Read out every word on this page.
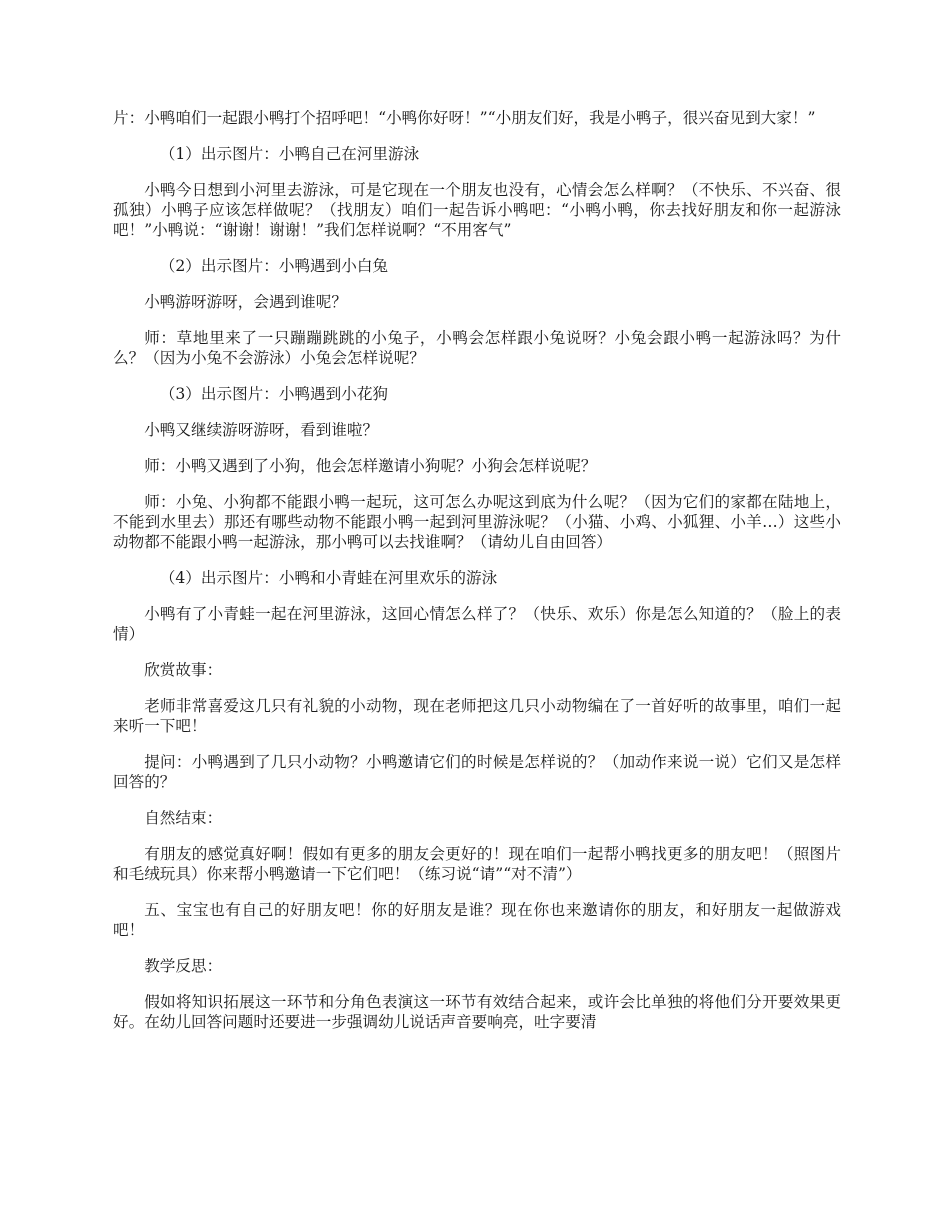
片：小鸭咱们一起跟小鸭打个招呼吧！“小鸭你好呀！”“小朋友们好，我是小鸭子，很兴奋见到大家！”

（1）出示图片：小鸭自己在河里游泳

小鸭今日想到小河里去游泳，可是它现在一个朋友也没有，心情会怎么样啊？（不快乐、不兴奋、很孤独）小鸭子应该怎样做呢？（找朋友）咱们一起告诉小鸭吧：“小鸭小鸭，你去找好朋友和你一起游泳吧！”小鸭说：“谢谢！谢谢！”我们怎样说啊？“不用客气”

（2）出示图片：小鸭遇到小白兔

小鸭游呀游呀，会遇到谁呢？

师：草地里来了一只蹦蹦跳跳的小兔子，小鸭会怎样跟小兔说呀？小兔会跟小鸭一起游泳吗？为什么？（因为小兔不会游泳）小兔会怎样说呢？

（3）出示图片：小鸭遇到小花狗

小鸭又继续游呀游呀，看到谁啦？

师：小鸭又遇到了小狗，他会怎样邀请小狗呢？小狗会怎样说呢？

师：小兔、小狗都不能跟小鸭一起玩，这可怎么办呢这到底为什么呢？（因为它们的家都在陆地上，不能到水里去）那还有哪些动物不能跟小鸭一起到河里游泳呢？（小猫、小鸡、小狐狸、小羊…）这些小动物都不能跟小鸭一起游泳，那小鸭可以去找谁啊？（请幼儿自由回答）

（4）出示图片：小鸭和小青蛙在河里欢乐的游泳

小鸭有了小青蛙一起在河里游泳，这回心情怎么样了？（快乐、欢乐）你是怎么知道的？（脸上的表情）

欣赏故事：

老师非常喜爱这几只有礼貌的小动物，现在老师把这几只小动物编在了一首好听的故事里，咱们一起来听一下吧！

提问：小鸭遇到了几只小动物？小鸭邀请它们的时候是怎样说的？（加动作来说一说）它们又是怎样回答的？

自然结束：

有朋友的感觉真好啊！假如有更多的朋友会更好的！现在咱们一起帮小鸭找更多的朋友吧！（照图片和毛绒玩具）你来帮小鸭邀请一下它们吧！（练习说“请”“对不清”）

五、宝宝也有自己的好朋友吧！你的好朋友是谁？现在你也来邀请你的朋友，和好朋友一起做游戏吧！

教学反思：

假如将知识拓展这一环节和分角色表演这一环节有效结合起来，或许会比单独的将他们分开要效果更好。在幼儿回答问题时还要进一步强调幼儿说话声音要响亮，吐字要清
